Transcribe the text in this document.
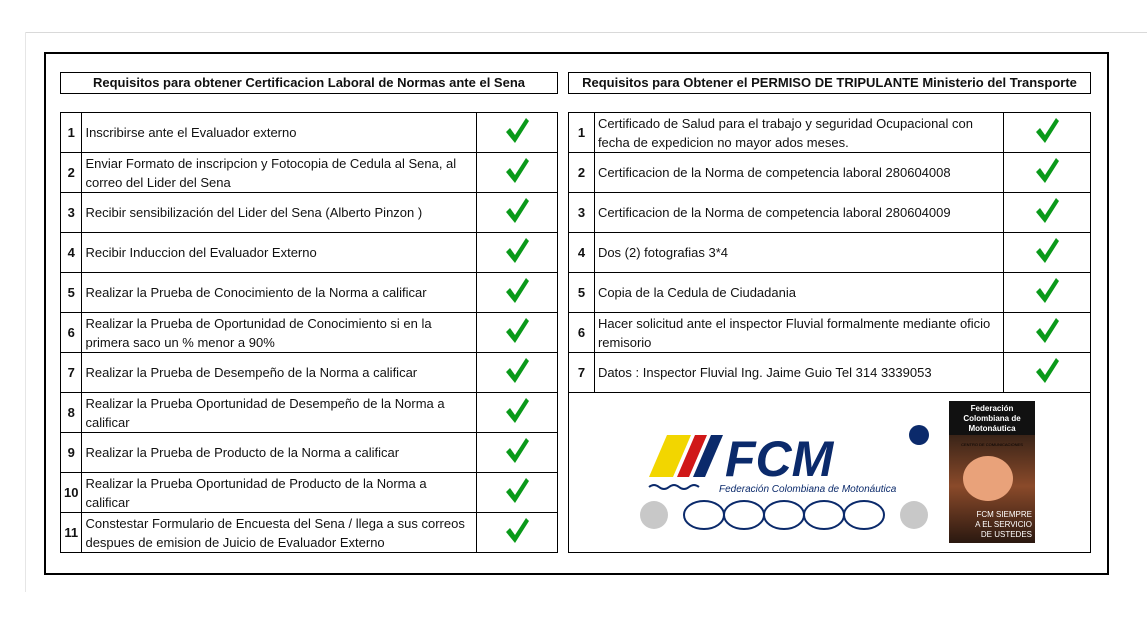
Requisitos para obtener Certificacion Laboral de Normas ante el Sena	Requisitos para Obtener el PERMISO DE TRIPULANTE Ministerio del Transporte
1	Inscribirse ante el Evaluador externo	
2	Enviar Formato de inscripcion y Fotocopia de Cedula al Sena, al correo del Lider del Sena	
3	Recibir sensibilización del Lider del Sena (Alberto Pinzon )	
4	Recibir Induccion del Evaluador Externo	
5	Realizar la Prueba de Conocimiento de la Norma a calificar	
6	Realizar la Prueba de Oportunidad de Conocimiento si en la primera saco un % menor a 90%	
7	Realizar la Prueba de Desempeño de la Norma a calificar	
8	Realizar la Prueba Oportunidad de Desempeño de la Norma a calificar	
9	Realizar la Prueba de Producto de la Norma a calificar	
10	Realizar la Prueba Oportunidad de Producto de la Norma a calificar	
11	Constestar Formulario de Encuesta del Sena / llega a sus correos despues de emision de Juicio de Evaluador Externo	
1	Certificado de Salud para el trabajo y seguridad Ocupacional con fecha de expedicion no mayor ados meses.	
2	Certificacion de la Norma de competencia laboral 280604008	
3	Certificacion de la Norma de competencia laboral 280604009	
4	Dos (2) fotografias 3*4	
5	Copia de la Cedula de Ciudadania	
6	Hacer solicitud ante el inspector Fluvial formalmente mediante oficio remisorio	
7	Datos : Inspector Fluvial Ing. Jaime Guio Tel 314 3339053	

FCM
Federación Colombiana de Motonáutica
Federación Colombiana de Motonáutica
CENTRO DE COMUNICACIONES
FCM SIEMPRE A EL SERVICIO DE USTEDES		
